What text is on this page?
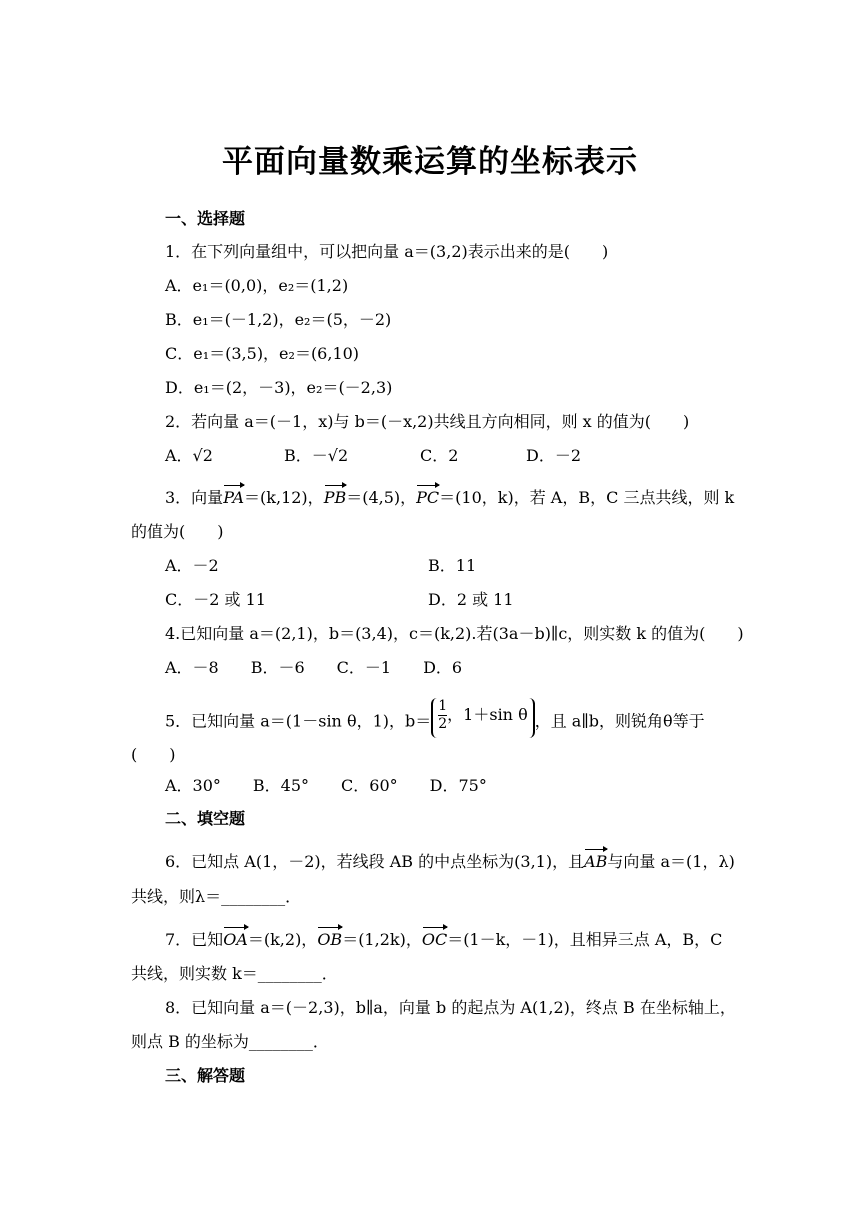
平面向量数乘运算的坐标表示
一、选择题
1．在下列向量组中，可以把向量 a＝(3,2)表示出来的是(　　)
A．e₁＝(0,0)，e₂＝(1,2)
B．e₁＝(－1,2)，e₂＝(5，－2)
C．e₁＝(3,5)，e₂＝(6,10)
D．e₁＝(2，－3)，e₂＝(－2,3)
2．若向量 a＝(－1，x)与 b＝(－x,2)共线且方向相同，则 x 的值为(　　)
A．√2	B．－√2	C．2	D．－2
3．向量PA＝(k,12)，PB＝(4,5)，PC＝(10，k)，若 A，B，C 三点共线，则 k
的值为(　　)
A．－2	B．11
C．－2 或 11	D．2 或 11
4.已知向量 a＝(2,1)，b＝(3,4)，c＝(k,2).若(3a－b)∥c，则实数 k 的值为(　　)
A．－8　　B．－6　　C．－1　　D．6
5．已知向量 a＝(1－sin θ，1)，$b= \frac{1}{2}$ ，1＋sin θ ，且 a∥b，则锐角θ等于
(　　)
A．30°　　B．45°　　C．60°　　D．75°
二、填空题
6．已知点 A(1，－2)，若线段 AB 的中点坐标为(3,1)，且AB与向量 a＝(1，λ)
共线，则λ＝________．
7．已知OA＝(k,2)，OB＝(1,2k)，OC＝(1－k，－1)，且相异三点 A，B，C
共线，则实数 k＝________．
8．已知向量 a＝(－2,3)，b∥a，向量 b 的起点为 A(1,2)，终点 B 在坐标轴上，
则点 B 的坐标为________．
三、解答题
